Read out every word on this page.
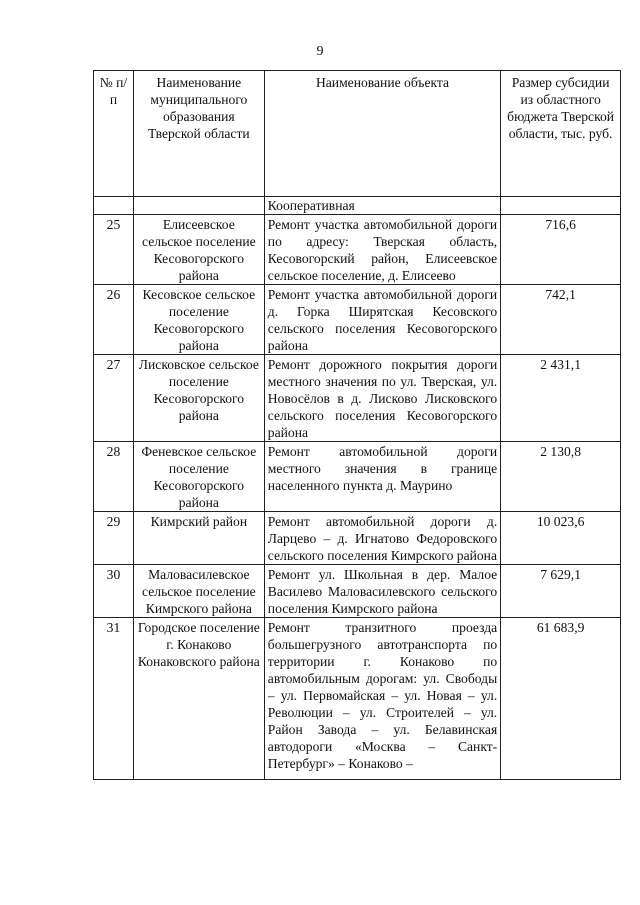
9
№ п/п	Наименование муниципального образования Тверской области	Наименование объекта	Размер субсидии из областного бюджета Тверской области, тыс. руб.
		Кооперативная	
25	Елисеевское сельское поселение Кесовогорского района	Ремонт участка автомобильной дороги по адресу: Тверская область, Кесовогорский район, Елисеевское сельское поселение, д. Елисеево	716,6
26	Кесовское сельское поселение Кесовогорского района	Ремонт участка автомобильной дороги д. Горка Ширятская Кесовского сельского поселения Кесовогорского района	742,1
27	Лисковское сельское поселение Кесовогорского района	Ремонт дорожного покрытия дороги местного значения по ул. Тверская, ул. Новосёлов в д. Лисково Лисковского сельского поселения Кесовогорского района	2 431,1
28	Феневское сельское поселение Кесовогорского района	Ремонт автомобильной дороги местного значения в границе населенного пункта д. Маурино	2 130,8
29	Кимрский район	Ремонт автомобильной дороги д. Ларцево – д. Игнатово Федоровского сельского поселения Кимрского района	10 023,6
30	Маловасилевское сельское поселение Кимрского района	Ремонт ул. Школьная в дер. Малое Василево Маловасилевского сельского поселения Кимрского района	7 629,1
31	Городское поселение г. Конаково Конаковского района	Ремонт транзитного проезда большегрузного автотранспорта по территории г. Конаково по автомобильным дорогам: ул. Свободы – ул. Первомайская – ул. Новая – ул. Революции – ул. Строителей – ул. Район Завода – ул. Белавинская автодороги «Москва – Санкт-Петербург» – Конаково –	61 683,9
